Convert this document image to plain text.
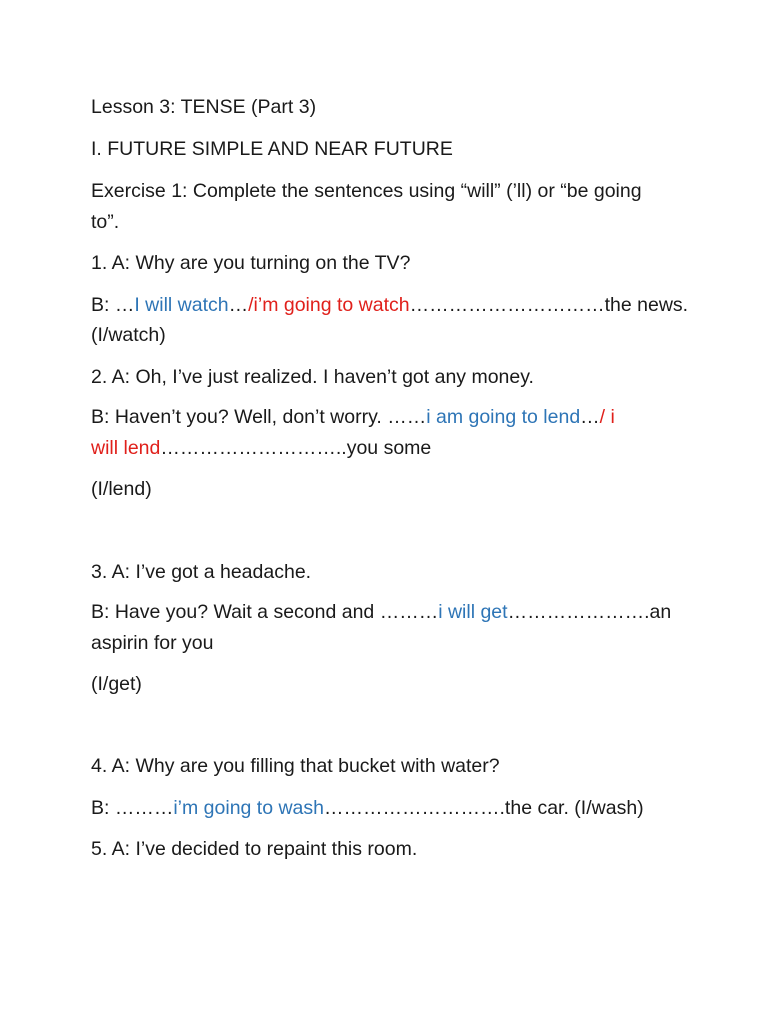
Lesson 3: TENSE (Part 3)
I. FUTURE SIMPLE AND NEAR FUTURE
Exercise 1: Complete the sentences using “will” (’ll) or “be going
to”.
1. A: Why are you turning on the TV?
B: …I will watch…/i’m going to watch…………………………the news.
(I/watch)
2. A: Oh, I’ve just realized. I haven’t got any money.
B: Haven’t you? Well, don’t worry. ……i am going to lend…/ i
will lend………………………..you some
(I/lend)
3. A: I’ve got a headache.
B: Have you? Wait a second and ………i will get………………….an
aspirin for you
(I/get)
4. A: Why are you filling that bucket with water?
B: ………i’m going to wash……………………….the car. (I/wash)
5. A: I’ve decided to repaint this room.
